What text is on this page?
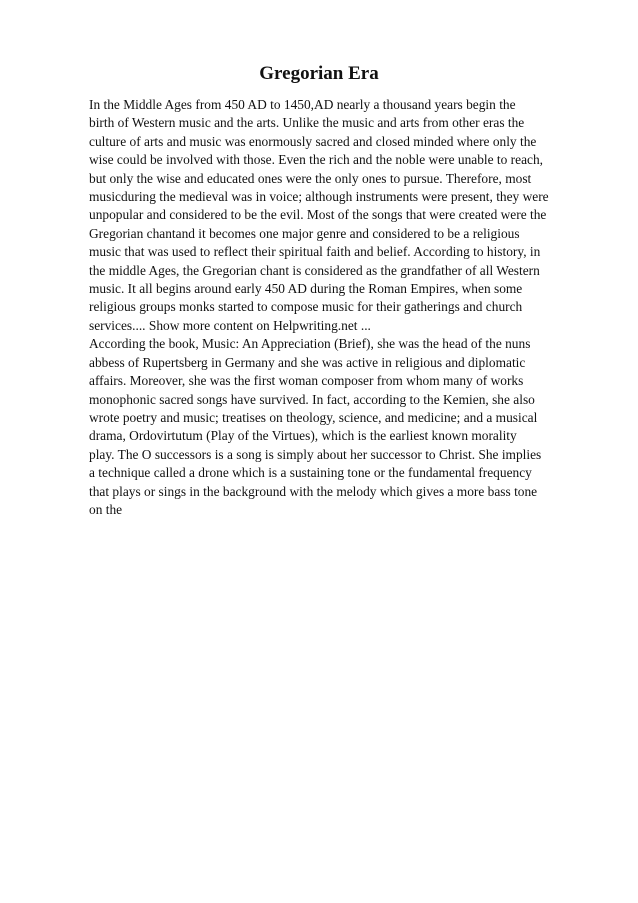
Gregorian Era
In the Middle Ages from 450 AD to 1450,AD nearly a thousand years begin the
birth of Western music and the arts. Unlike the music and arts from other eras the
culture of arts and music was enormously sacred and closed minded where only the
wise could be involved with those. Even the rich and the noble were unable to reach,
but only the wise and educated ones were the only ones to pursue. Therefore, most
musicduring the medieval was in voice; although instruments were present, they were
unpopular and considered to be the evil. Most of the songs that were created were the
Gregorian chantand it becomes one major genre and considered to be a religious
music that was used to reflect their spiritual faith and belief. According to history, in
the middle Ages, the Gregorian chant is considered as the grandfather of all Western
music. It all begins around early 450 AD during the Roman Empires, when some
religious groups monks started to compose music for their gatherings and church
services.... Show more content on Helpwriting.net ...
According the book, Music: An Appreciation (Brief), she was the head of the nuns
abbess of Rupertsberg in Germany and she was active in religious and diplomatic
affairs. Moreover, she was the first woman composer from whom many of works
monophonic sacred songs have survived. In fact, according to the Kemien, she also
wrote poetry and music; treatises on theology, science, and medicine; and a musical
drama, Ordovirtutum (Play of the Virtues), which is the earliest known morality
play. The O successors is a song is simply about her successor to Christ. She implies
a technique called a drone which is a sustaining tone or the fundamental frequency
that plays or sings in the background with the melody which gives a more bass tone
on the
